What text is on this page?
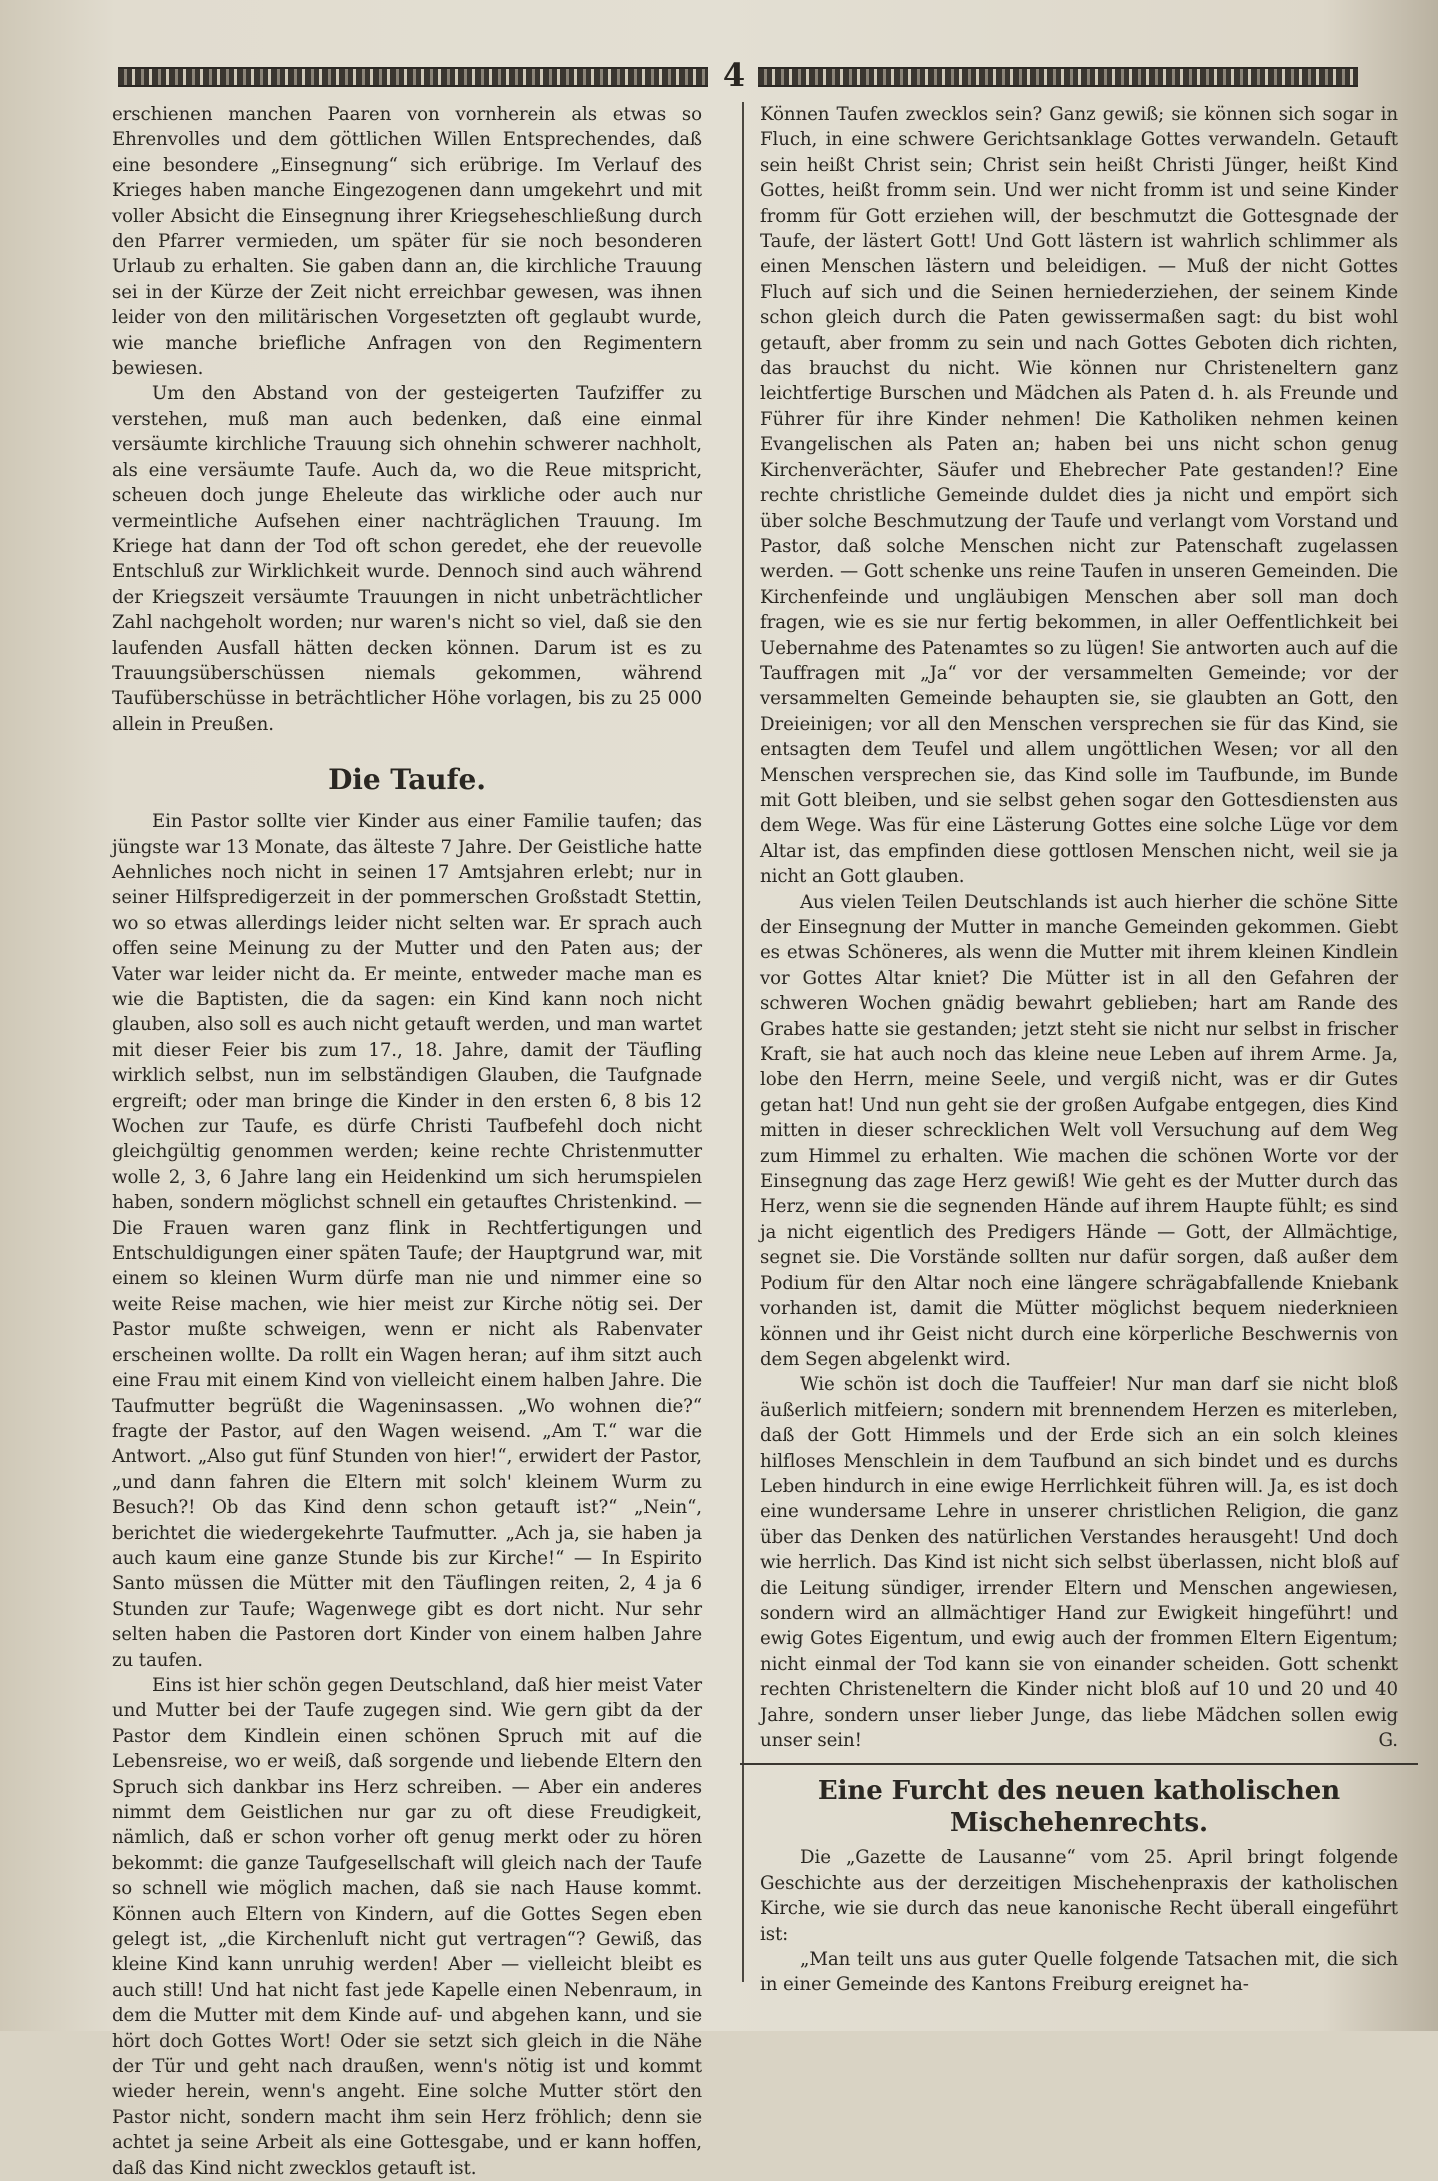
4

erschienen manchen Paaren von vornherein als etwas so Ehrenvolles und dem göttlichen Willen Entsprechendes, daß eine besondere „Einsegnung“ sich erübrige. Im Verlauf des Krieges haben manche Eingezogenen dann umgekehrt und mit voller Absicht die Einsegnung ihrer Kriegseheschließung durch den Pfarrer vermieden, um später für sie noch besonderen Urlaub zu erhalten. Sie gaben dann an, die kirchliche Trauung sei in der Kürze der Zeit nicht erreichbar gewesen, was ihnen leider von den militärischen Vorgesetzten oft geglaubt wurde, wie manche briefliche Anfragen von den Regimentern bewiesen.

Um den Abstand von der gesteigerten Taufziffer zu verstehen, muß man auch bedenken, daß eine einmal versäumte kirchliche Trauung sich ohnehin schwerer nachholt, als eine versäumte Taufe. Auch da, wo die Reue mitspricht, scheuen doch junge Eheleute das wirkliche oder auch nur vermeintliche Aufsehen einer nachträglichen Trauung. Im Kriege hat dann der Tod oft schon geredet, ehe der reuevolle Entschluß zur Wirklichkeit wurde. Dennoch sind auch während der Kriegszeit versäumte Trauungen in nicht unbeträchtlicher Zahl nachgeholt worden; nur waren's nicht so viel, daß sie den laufenden Ausfall hätten decken können. Darum ist es zu Trauungsüberschüssen niemals gekommen, während Taufüberschüsse in beträchtlicher Höhe vorlagen, bis zu 25 000 allein in Preußen.

Die Taufe.

Ein Pastor sollte vier Kinder aus einer Familie taufen; das jüngste war 13 Monate, das älteste 7 Jahre. Der Geistliche hatte Aehnliches noch nicht in seinen 17 Amtsjahren erlebt; nur in seiner Hilfspredigerzeit in der pommerschen Großstadt Stettin, wo so etwas allerdings leider nicht selten war. Er sprach auch offen seine Meinung zu der Mutter und den Paten aus; der Vater war leider nicht da. Er meinte, entweder mache man es wie die Baptisten, die da sagen: ein Kind kann noch nicht glauben, also soll es auch nicht getauft werden, und man wartet mit dieser Feier bis zum 17., 18. Jahre, damit der Täufling wirklich selbst, nun im selbständigen Glauben, die Taufgnade ergreift; oder man bringe die Kinder in den ersten 6, 8 bis 12 Wochen zur Taufe, es dürfe Christi Taufbefehl doch nicht gleichgültig genommen werden; keine rechte Christenmutter wolle 2, 3, 6 Jahre lang ein Heidenkind um sich herumspielen haben, sondern möglichst schnell ein getauftes Christenkind. — Die Frauen waren ganz flink in Rechtfertigungen und Entschuldigungen einer späten Taufe; der Hauptgrund war, mit einem so kleinen Wurm dürfe man nie und nimmer eine so weite Reise machen, wie hier meist zur Kirche nötig sei. Der Pastor mußte schweigen, wenn er nicht als Rabenvater erscheinen wollte. Da rollt ein Wagen heran; auf ihm sitzt auch eine Frau mit einem Kind von vielleicht einem halben Jahre. Die Taufmutter begrüßt die Wageninsassen. „Wo wohnen die?“ fragte der Pastor, auf den Wagen weisend. „Am T.“ war die Antwort. „Also gut fünf Stunden von hier!“, erwidert der Pastor, „und dann fahren die Eltern mit solch' kleinem Wurm zu Besuch?! Ob das Kind denn schon getauft ist?“ „Nein“, berichtet die wiedergekehrte Taufmutter. „Ach ja, sie haben ja auch kaum eine ganze Stunde bis zur Kirche!“ — In Espirito Santo müssen die Mütter mit den Täuflingen reiten, 2, 4 ja 6 Stunden zur Taufe; Wagenwege gibt es dort nicht. Nur sehr selten haben die Pastoren dort Kinder von einem halben Jahre zu taufen.

Eins ist hier schön gegen Deutschland, daß hier meist Vater und Mutter bei der Taufe zugegen sind. Wie gern gibt da der Pastor dem Kindlein einen schönen Spruch mit auf die Lebensreise, wo er weiß, daß sorgende und liebende Eltern den Spruch sich dankbar ins Herz schreiben. — Aber ein anderes nimmt dem Geistlichen nur gar zu oft diese Freudigkeit, nämlich, daß er schon vorher oft genug merkt oder zu hören bekommt: die ganze Taufgesellschaft will gleich nach der Taufe so schnell wie möglich machen, daß sie nach Hause kommt. Können auch Eltern von Kindern, auf die Gottes Segen eben gelegt ist, „die Kirchenluft nicht gut vertragen“? Gewiß, das kleine Kind kann unruhig werden! Aber — vielleicht bleibt es auch still! Und hat nicht fast jede Kapelle einen Nebenraum, in dem die Mutter mit dem Kinde auf- und abgehen kann, und sie hört doch Gottes Wort! Oder sie setzt sich gleich in die Nähe der Tür und geht nach draußen, wenn's nötig ist und kommt wieder herein, wenn's angeht. Eine solche Mutter stört den Pastor nicht, sondern macht ihm sein Herz fröhlich; denn sie achtet ja seine Arbeit als eine Gottesgabe, und er kann hoffen, daß das Kind nicht zwecklos getauft ist.

Können Taufen zwecklos sein? Ganz gewiß; sie können sich sogar in Fluch, in eine schwere Gerichtsanklage Gottes verwandeln. Getauft sein heißt Christ sein; Christ sein heißt Christi Jünger, heißt Kind Gottes, heißt fromm sein. Und wer nicht fromm ist und seine Kinder fromm für Gott erziehen will, der beschmutzt die Gottesgnade der Taufe, der lästert Gott! Und Gott lästern ist wahrlich schlimmer als einen Menschen lästern und beleidigen. — Muß der nicht Gottes Fluch auf sich und die Seinen herniederziehen, der seinem Kinde schon gleich durch die Paten gewissermaßen sagt: du bist wohl getauft, aber fromm zu sein und nach Gottes Geboten dich richten, das brauchst du nicht. Wie können nur Christeneltern ganz leichtfertige Burschen und Mädchen als Paten d. h. als Freunde und Führer für ihre Kinder nehmen! Die Katholiken nehmen keinen Evangelischen als Paten an; haben bei uns nicht schon genug Kirchenverächter, Säufer und Ehebrecher Pate gestanden!? Eine rechte christliche Gemeinde duldet dies ja nicht und empört sich über solche Beschmutzung der Taufe und verlangt vom Vorstand und Pastor, daß solche Menschen nicht zur Patenschaft zugelassen werden. — Gott schenke uns reine Taufen in unseren Gemeinden. Die Kirchenfeinde und ungläubigen Menschen aber soll man doch fragen, wie es sie nur fertig bekommen, in aller Oeffentlichkeit bei Uebernahme des Patenamtes so zu lügen! Sie antworten auch auf die Tauffragen mit „Ja“ vor der versammelten Gemeinde; vor der versammelten Gemeinde behaupten sie, sie glaubten an Gott, den Dreieinigen; vor all den Menschen versprechen sie für das Kind, sie entsagten dem Teufel und allem ungöttlichen Wesen; vor all den Menschen versprechen sie, das Kind solle im Taufbunde, im Bunde mit Gott bleiben, und sie selbst gehen sogar den Gottesdiensten aus dem Wege. Was für eine Lästerung Gottes eine solche Lüge vor dem Altar ist, das empfinden diese gottlosen Menschen nicht, weil sie ja nicht an Gott glauben.

Aus vielen Teilen Deutschlands ist auch hierher die schöne Sitte der Einsegnung der Mutter in manche Gemeinden gekommen. Giebt es etwas Schöneres, als wenn die Mutter mit ihrem kleinen Kindlein vor Gottes Altar kniet? Die Mütter ist in all den Gefahren der schweren Wochen gnädig bewahrt geblieben; hart am Rande des Grabes hatte sie gestanden; jetzt steht sie nicht nur selbst in frischer Kraft, sie hat auch noch das kleine neue Leben auf ihrem Arme. Ja, lobe den Herrn, meine Seele, und vergiß nicht, was er dir Gutes getan hat! Und nun geht sie der großen Aufgabe entgegen, dies Kind mitten in dieser schrecklichen Welt voll Versuchung auf dem Weg zum Himmel zu erhalten. Wie machen die schönen Worte vor der Einsegnung das zage Herz gewiß! Wie geht es der Mutter durch das Herz, wenn sie die segnenden Hände auf ihrem Haupte fühlt; es sind ja nicht eigentlich des Predigers Hände — Gott, der Allmächtige, segnet sie. Die Vorstände sollten nur dafür sorgen, daß außer dem Podium für den Altar noch eine längere schrägabfallende Kniebank vorhanden ist, damit die Mütter möglichst bequem niederknieen können und ihr Geist nicht durch eine körperliche Beschwernis von dem Segen abgelenkt wird.

Wie schön ist doch die Tauffeier! Nur man darf sie nicht bloß äußerlich mitfeiern; sondern mit brennendem Herzen es miterleben, daß der Gott Himmels und der Erde sich an ein solch kleines hilfloses Menschlein in dem Taufbund an sich bindet und es durchs Leben hindurch in eine ewige Herrlichkeit führen will. Ja, es ist doch eine wundersame Lehre in unserer christlichen Religion, die ganz über das Denken des natürlichen Verstandes herausgeht! Und doch wie herrlich. Das Kind ist nicht sich selbst überlassen, nicht bloß auf die Leitung sündiger, irrender Eltern und Menschen angewiesen, sondern wird an allmächtiger Hand zur Ewigkeit hingeführt! und ewig Gotes Eigentum, und ewig auch der frommen Eltern Eigentum; nicht einmal der Tod kann sie von einander scheiden. Gott schenkt rechten Christeneltern die Kinder nicht bloß auf 10 und 20 und 40 Jahre, sondern unser lieber Junge, das liebe Mädchen sollen ewig unser sein!	G.

Eine Furcht des neuen katholischen Mischehenrechts.

Die „Gazette de Lausanne“ vom 25. April bringt folgende Geschichte aus der derzeitigen Mischehenpraxis der katholischen Kirche, wie sie durch das neue kanonische Recht überall eingeführt ist:

„Man teilt uns aus guter Quelle folgende Tatsachen mit, die sich in einer Gemeinde des Kantons Freiburg ereignet ha-
